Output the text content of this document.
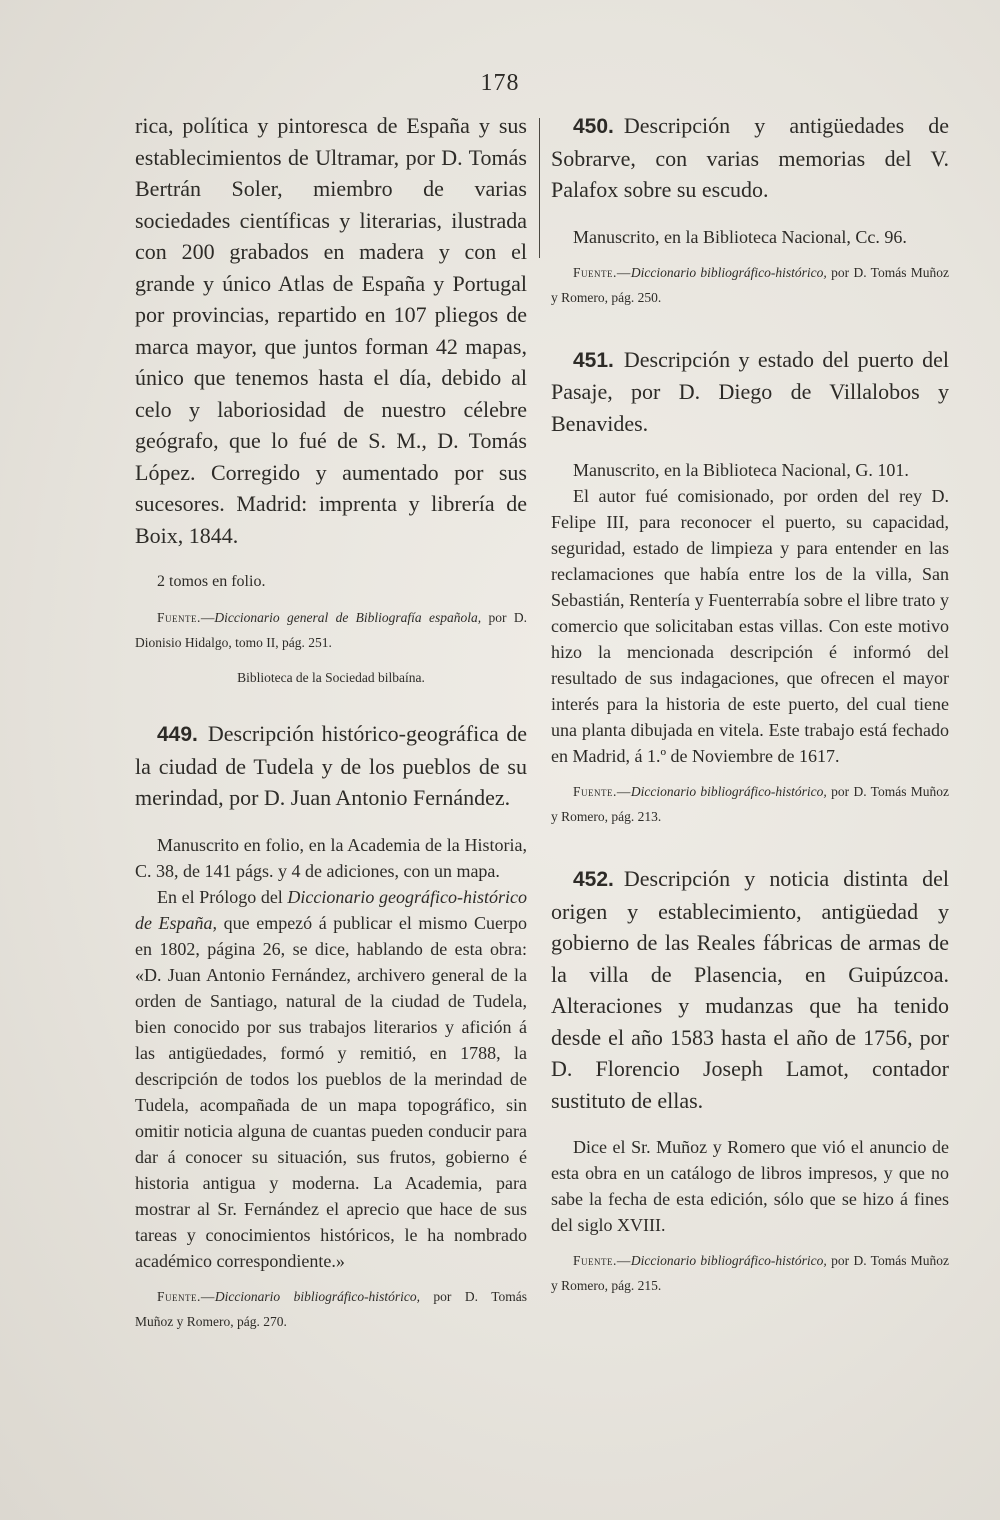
178

rica, política y pintoresca de España y sus establecimientos de Ultramar, por D. Tomás Bertrán Soler, miembro de varias sociedades científicas y literarias, ilustrada con 200 grabados en madera y con el grande y único Atlas de España y Portugal por provincias, repartido en 107 pliegos de marca mayor, que juntos forman 42 mapas, único que tenemos hasta el día, debido al celo y laboriosidad de nuestro célebre geógrafo, que lo fué de S. M., D. Tomás López. Corregido y aumentado por sus sucesores. Madrid: imprenta y librería de Boix, 1844.

2 tomos en folio.

Fuente.—Diccionario general de Bibliografía española, por D. Dionisio Hidalgo, tomo II, pág. 251.

Biblioteca de la Sociedad bilbaína.

449. Descripción histórico-geográfica de la ciudad de Tudela y de los pueblos de su merindad, por D. Juan Antonio Fernández.

Manuscrito en folio, en la Academia de la Historia, C. 38, de 141 págs. y 4 de adiciones, con un mapa.

En el Prólogo del Diccionario geográfico-histórico de España, que empezó á publicar el mismo Cuerpo en 1802, página 26, se dice, hablando de esta obra: «D. Juan Antonio Fernández, archivero general de la orden de Santiago, natural de la ciudad de Tudela, bien conocido por sus trabajos literarios y afición á las antigüedades, formó y remitió, en 1788, la descripción de todos los pueblos de la merindad de Tudela, acompañada de un mapa topográfico, sin omitir noticia alguna de cuantas pueden conducir para dar á conocer su situación, sus frutos, gobierno é historia antigua y moderna. La Academia, para mostrar al Sr. Fernández el aprecio que hace de sus tareas y conocimientos históricos, le ha nombrado académico correspondiente.»

Fuente.—Diccionario bibliográfico-histórico, por D. Tomás Muñoz y Romero, pág. 270.

450. Descripción y antigüedades de Sobrarve, con varias memorias del V. Palafox sobre su escudo.

Manuscrito, en la Biblioteca Nacional, Cc. 96.

Fuente.—Diccionario bibliográfico-histórico, por D. Tomás Muñoz y Romero, pág. 250.

451. Descripción y estado del puerto del Pasaje, por D. Diego de Villalobos y Benavides.

Manuscrito, en la Biblioteca Nacional, G. 101.

El autor fué comisionado, por orden del rey D. Felipe III, para reconocer el puerto, su capacidad, seguridad, estado de limpieza y para entender en las reclamaciones que había entre los de la villa, San Sebastián, Rentería y Fuenterrabía sobre el libre trato y comercio que solicitaban estas villas. Con este motivo hizo la mencionada descripción é informó del resultado de sus indagaciones, que ofrecen el mayor interés para la historia de este puerto, del cual tiene una planta dibujada en vitela. Este trabajo está fechado en Madrid, á 1.º de Noviembre de 1617.

Fuente.—Diccionario bibliográfico-histórico, por D. Tomás Muñoz y Romero, pág. 213.

452. Descripción y noticia distinta del origen y establecimiento, antigüedad y gobierno de las Reales fábricas de armas de la villa de Plasencia, en Guipúzcoa. Alteraciones y mudanzas que ha tenido desde el año 1583 hasta el año de 1756, por D. Florencio Joseph Lamot, contador sustituto de ellas.

Dice el Sr. Muñoz y Romero que vió el anuncio de esta obra en un catálogo de libros impresos, y que no sabe la fecha de esta edición, sólo que se hizo á fines del siglo XVIII.

Fuente.—Diccionario bibliográfico-histórico, por D. Tomás Muñoz y Romero, pág. 215.
